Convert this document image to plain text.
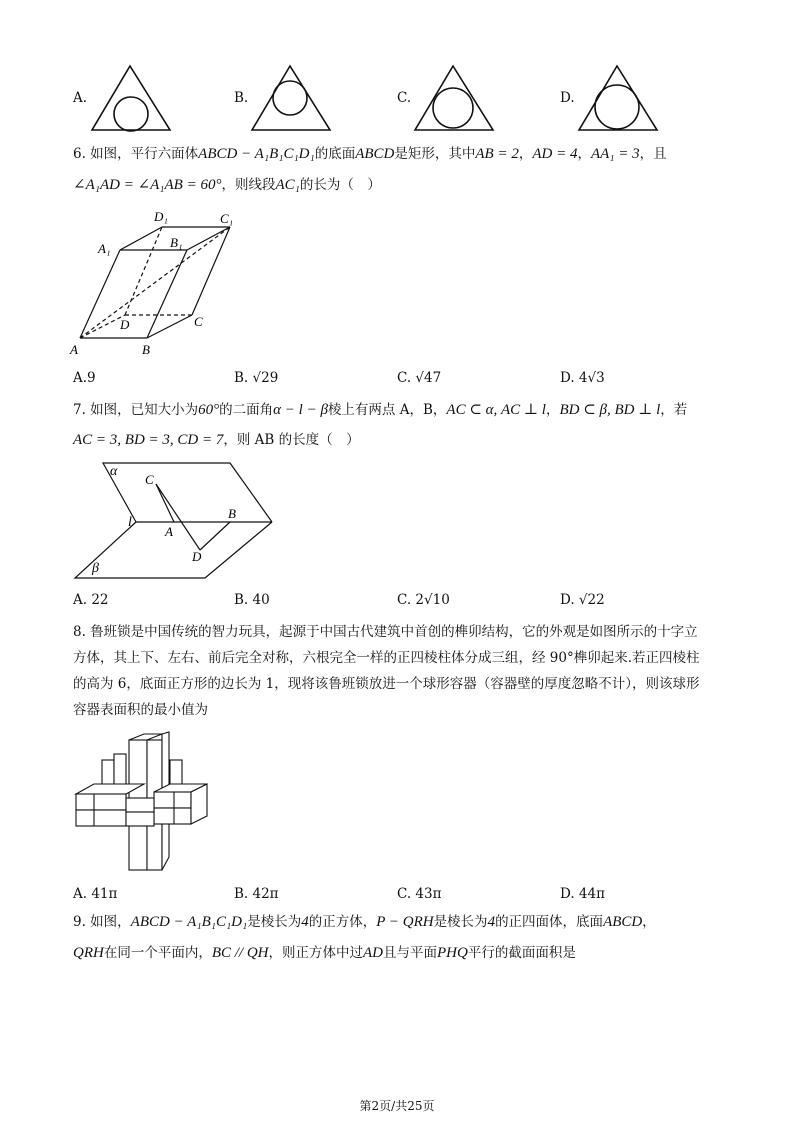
A.	B.	C.	D.
6. 如图，平行六面体ABCD − A₁B₁C₁D₁的底面ABCD是矩形，其中AB = 2，AD = 4，AA₁ = 3，且
∠A₁AD = ∠A₁AB = 60°，则线段AC₁的长为（　）
A	B
C
D
A₁	B₁
C₁
D₁
A.9	B. √29	C. √47	D. 4√3
7. 如图，已知大小为60°的二面角α − l − β棱上有两点 A，B，AC ⊂ α, AC ⊥ l，BD ⊂ β, BD ⊥ l，若
AC = 3, BD = 3, CD = 7，则 AB 的长度（　）
α
β
l
A
B
C
D
A. 22	B. 40	C. 2√10	D. √22
8. 鲁班锁是中国传统的智力玩具，起源于中国古代建筑中首创的榫卯结构，它的外观是如图所示的十字立
方体，其上下、左右、前后完全对称，六根完全一样的正四棱柱体分成三组，经 90°榫卯起来.若正四棱柱
的高为 6，底面正方形的边长为 1，现将该鲁班锁放进一个球形容器（容器壁的厚度忽略不计），则该球形
容器表面积的最小值为
A. 41π	B. 42π	C. 43π	D. 44π
9. 如图，ABCD − A₁B₁C₁D₁是棱长为4的正方体，P − QRH是棱长为4的正四面体，底面ABCD，
QRH在同一个平面内，BC // QH，则正方体中过AD且与平面PHQ平行的截面面积是
第2页/共25页
